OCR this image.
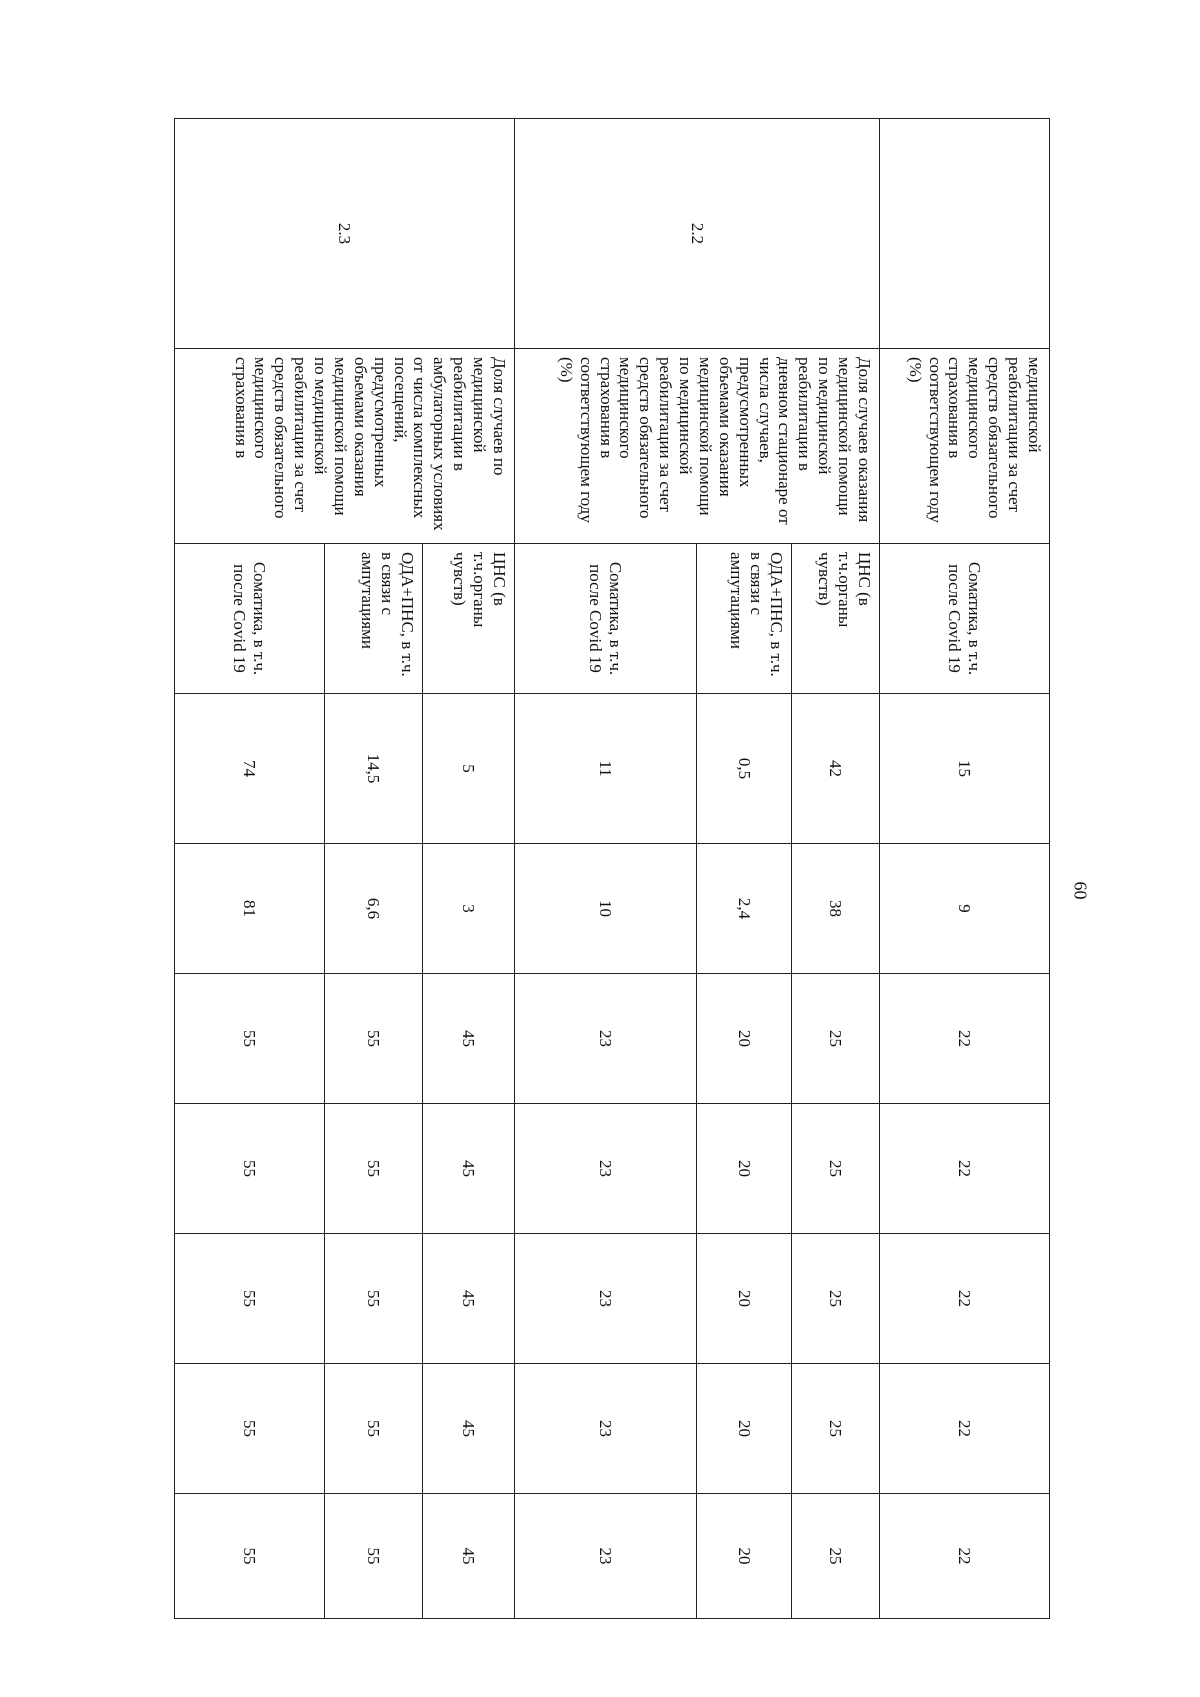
	медицинской реабилитации за счет средств обязательного медицинского страхования в соответствующем году (%)	Соматика, в т.ч. после Covid 19	15	9	22	22	22	22	22
2.2	Доля случаев оказания медицинской помощи по медицинской реабилитации в дневном стационаре от числа случаев, предусмотренных объемами оказания медицинской помощи по медицинской реабилитации за счет средств обязательного медицинского страхования в соответствующем году (%)	ЦНС (в т.ч.органы чувств)	42	38	25	25	25	25	25
		ОДА+ПНС, в т.ч. в связи с ампутациями	0,5	2,4	20	20	20	20	20
		Соматика, в т.ч. после Covid 19	11	10	23	23	23	23	23
2.3	Доля случаев по медицинской реабилитации в амбулаторных условиях от числа комплексных посещений, предусмотренных объемами оказания медицинской помощи по медицинской реабилитации за счет средств обязательного медицинского страхования в	ЦНС (в т.ч.органы чувств)	5	3	45	45	45	45	45
		ОДА+ПНС, в т.ч. в связи с ампутациями	14,5	6,6	55	55	55	55	55
		Соматика, в т.ч. после Covid 19	74	81	55	55	55	55	55
60
